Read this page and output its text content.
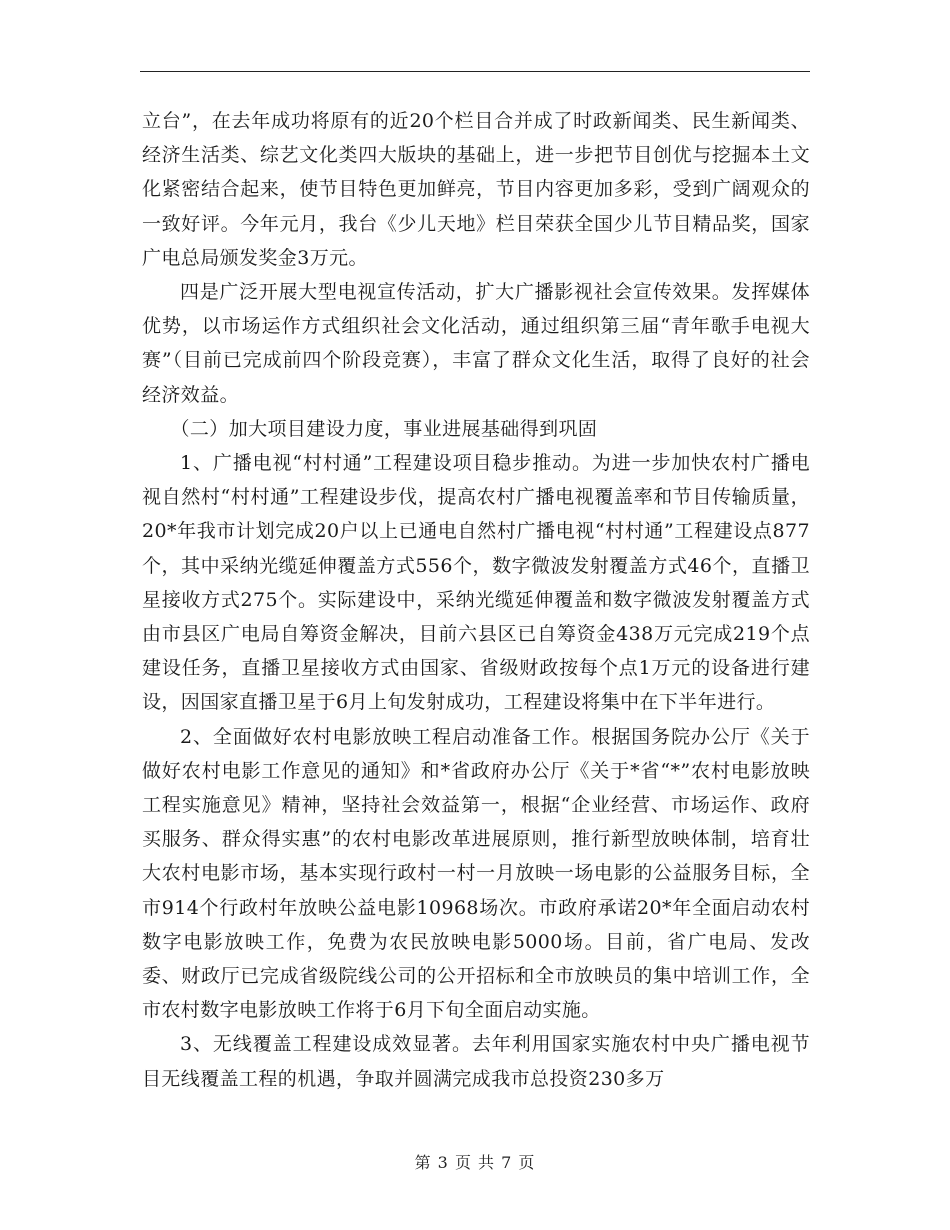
立台”，在去年成功将原有的近20个栏目合并成了时政新闻类、民生新闻类、经济生活类、综艺文化类四大版块的基础上，进一步把节目创优与挖掘本土文化紧密结合起来，使节目特色更加鲜亮，节目内容更加多彩，受到广阔观众的一致好评。今年元月，我台《少儿天地》栏目荣获全国少儿节目精品奖，国家广电总局颁发奖金3万元。

四是广泛开展大型电视宣传活动，扩大广播影视社会宣传效果。发挥媒体优势，以市场运作方式组织社会文化活动，通过组织第三届“青年歌手电视大赛”（目前已完成前四个阶段竞赛），丰富了群众文化生活，取得了良好的社会经济效益。

（二）加大项目建设力度，事业进展基础得到巩固

1、广播电视“村村通”工程建设项目稳步推动。为进一步加快农村广播电视自然村“村村通”工程建设步伐，提高农村广播电视覆盖率和节目传输质量，20*年我市计划完成20户以上已通电自然村广播电视“村村通”工程建设点877个，其中采纳光缆延伸覆盖方式556个，数字微波发射覆盖方式46个，直播卫星接收方式275个。实际建设中，采纳光缆延伸覆盖和数字微波发射覆盖方式由市县区广电局自筹资金解决，目前六县区已自筹资金438万元完成219个点建设任务，直播卫星接收方式由国家、省级财政按每个点1万元的设备进行建设，因国家直播卫星于6月上旬发射成功，工程建设将集中在下半年进行。

2、全面做好农村电影放映工程启动准备工作。根据国务院办公厅《关于做好农村电影工作意见的通知》和*省政府办公厅《关于*省“*”农村电影放映工程实施意见》精神，坚持社会效益第一，根据“企业经营、市场运作、政府买服务、群众得实惠”的农村电影改革进展原则，推行新型放映体制，培育壮大农村电影市场，基本实现行政村一村一月放映一场电影的公益服务目标，全市914个行政村年放映公益电影10968场次。市政府承诺20*年全面启动农村数字电影放映工作，免费为农民放映电影5000场。目前，省广电局、发改委、财政厅已完成省级院线公司的公开招标和全市放映员的集中培训工作，全市农村数字电影放映工作将于6月下旬全面启动实施。

3、无线覆盖工程建设成效显著。去年利用国家实施农村中央广播电视节目无线覆盖工程的机遇，争取并圆满完成我市总投资230多万

第 3 页 共 7 页
